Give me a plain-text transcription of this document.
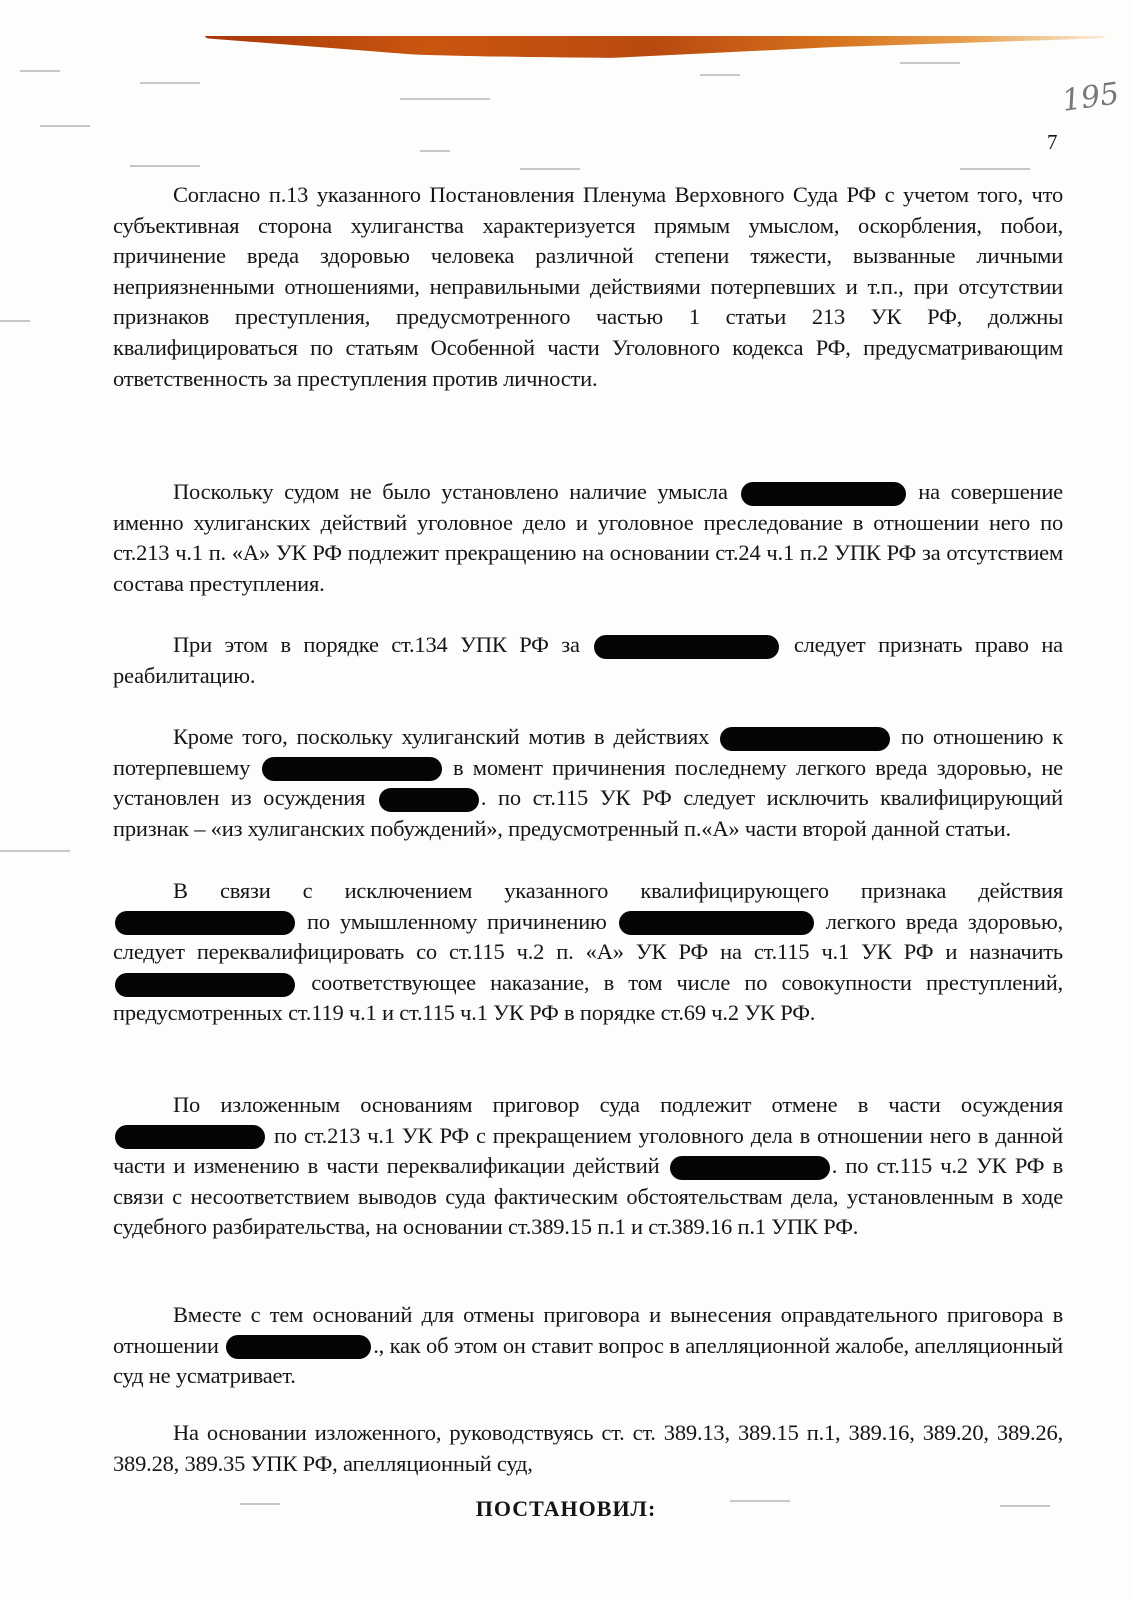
195
7
Согласно п.13 указанного Постановления Пленума Верховного Суда РФ с учетом того, что субъективная сторона хулиганства характеризуется прямым умыслом, оскорбления, побои, причинение вреда здоровью человека различной степени тяжести, вызванные личными неприязненными отношениями, неправильными действиями потерпевших и т.п., при отсутствии признаков преступления, предусмотренного частью 1 статьи 213 УК РФ, должны квалифицироваться по статьям Особенной части Уголовного кодекса РФ, предусматривающим ответственность за преступления против личности.
Поскольку судом не было установлено наличие умысла	на совершение именно хулиганских действий уголовное дело и уголовное преследование в отношении него по ст.213 ч.1 п. «А» УК РФ подлежит прекращению на основании ст.24 ч.1 п.2 УПК РФ за отсутствием состава преступления.
При этом в порядке ст.134 УПК РФ за	следует признать право на реабилитацию.
Кроме того, поскольку хулиганский мотив в действиях	по отношению к потерпевшему	в момент причинения последнему легкого вреда здоровью, не установлен из осуждения	. по ст.115 УК РФ следует исключить квалифицирующий признак – «из хулиганских побуждений», предусмотренный п.«А» части второй данной статьи.
В связи с исключением указанного квалифицирующего признака действия  по умышленному причинению	легкого вреда здоровью, следует переквалифицировать со ст.115 ч.2 п. «А» УК РФ на ст.115 ч.1 УК РФ и назначить  соответствующее наказание, в том числе по совокупности преступлений, предусмотренных ст.119 ч.1 и ст.115 ч.1 УК РФ в порядке ст.69 ч.2 УК РФ.
По изложенным основаниям приговор суда подлежит отмене в части осуждения  по ст.213 ч.1 УК РФ с прекращением уголовного дела в отношении него в данной части и изменению в части переквалификации действий	. по ст.115 ч.2 УК РФ в связи с несоответствием выводов суда фактическим обстоятельствам дела, установленным в ходе судебного разбирательства, на основании ст.389.15 п.1 и ст.389.16 п.1 УПК РФ.
Вместе с тем оснований для отмены приговора и вынесения оправдательного приговора в отношении	., как об этом он ставит вопрос в апелляционной жалобе, апелляционный суд не усматривает.
На основании изложенного, руководствуясь ст. ст. 389.13, 389.15 п.1, 389.16, 389.20, 389.26, 389.28, 389.35 УПК РФ, апелляционный суд,
ПОСТАНОВИЛ:
